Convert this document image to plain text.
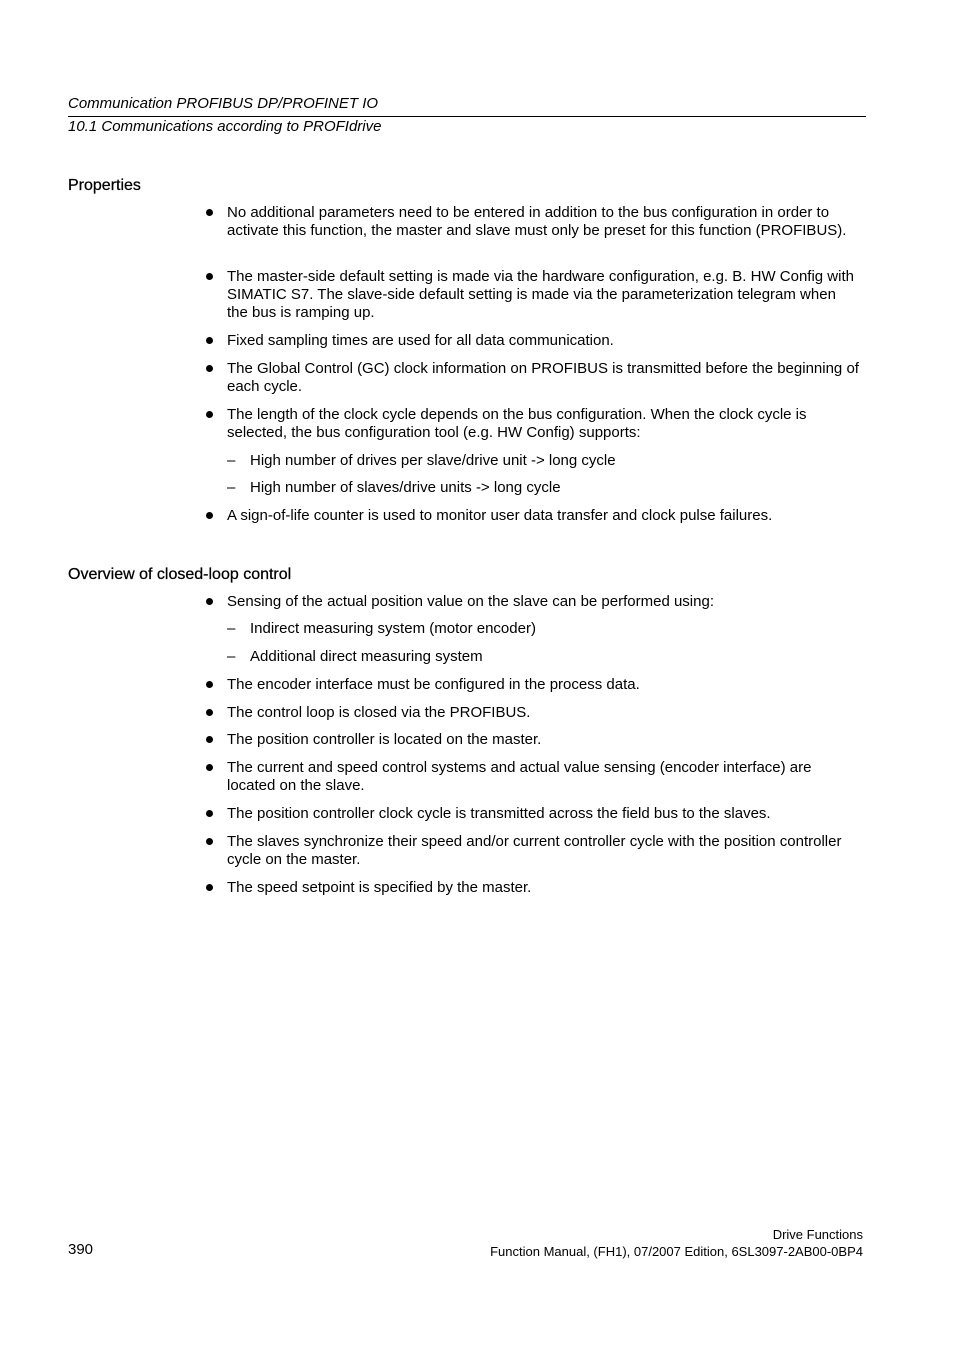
Communication PROFIBUS DP/PROFINET IO
10.1 Communications according to PROFIdrive
Properties
No additional parameters need to be entered in addition to the bus configuration in order to activate this function, the master and slave must only be preset for this function (PROFIBUS).
The master-side default setting is made via the hardware configuration, e.g. B. HW Config with SIMATIC S7. The slave-side default setting is made via the parameterization telegram when the bus is ramping up.
Fixed sampling times are used for all data communication.
The Global Control (GC) clock information on PROFIBUS is transmitted before the beginning of each cycle.
The length of the clock cycle depends on the bus configuration. When the clock cycle is selected, the bus configuration tool (e.g. HW Config) supports:
– High number of drives per slave/drive unit -> long cycle
– High number of slaves/drive units -> long cycle
A sign-of-life counter is used to monitor user data transfer and clock pulse failures.
Overview of closed-loop control
Sensing of the actual position value on the slave can be performed using:
– Indirect measuring system (motor encoder)
– Additional direct measuring system
The encoder interface must be configured in the process data.
The control loop is closed via the PROFIBUS.
The position controller is located on the master.
The current and speed control systems and actual value sensing (encoder interface) are located on the slave.
The position controller clock cycle is transmitted across the field bus to the slaves.
The slaves synchronize their speed and/or current controller cycle with the position controller cycle on the master.
The speed setpoint is specified by the master.
390
Drive Functions
Function Manual, (FH1), 07/2007 Edition, 6SL3097-2AB00-0BP4
